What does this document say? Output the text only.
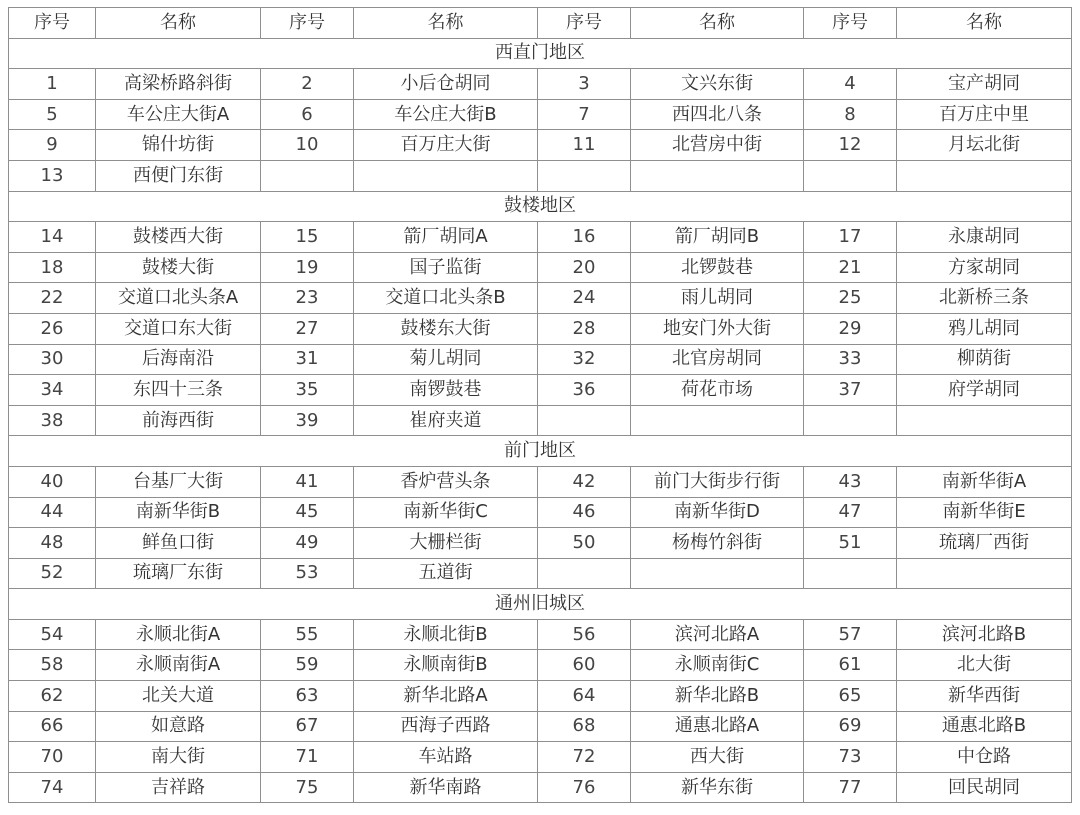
序号	名称	序号	名称	序号	名称	序号	名称
西直门地区							
1	高梁桥路斜街	2	小后仓胡同	3	文兴东街	4	宝产胡同
5	车公庄大街A	6	车公庄大街B	7	西四北八条	8	百万庄中里
9	锦什坊街	10	百万庄大街	11	北营房中街	12	月坛北街
13	西便门东街						
鼓楼地区							
14	鼓楼西大街	15	箭厂胡同A	16	箭厂胡同B	17	永康胡同
18	鼓楼大街	19	国子监街	20	北锣鼓巷	21	方家胡同
22	交道口北头条A	23	交道口北头条B	24	雨儿胡同	25	北新桥三条
26	交道口东大街	27	鼓楼东大街	28	地安门外大街	29	鸦儿胡同
30	后海南沿	31	菊儿胡同	32	北官房胡同	33	柳荫街
34	东四十三条	35	南锣鼓巷	36	荷花市场	37	府学胡同
38	前海西街	39	崔府夹道				
前门地区							
40	台基厂大街	41	香炉营头条	42	前门大街步行街	43	南新华街A
44	南新华街B	45	南新华街C	46	南新华街D	47	南新华街E
48	鲜鱼口街	49	大栅栏街	50	杨梅竹斜街	51	琉璃厂西街
52	琉璃厂东街	53	五道街				
通州旧城区							
54	永顺北街A	55	永顺北街B	56	滨河北路A	57	滨河北路B
58	永顺南街A	59	永顺南街B	60	永顺南街C	61	北大街
62	北关大道	63	新华北路A	64	新华北路B	65	新华西街
66	如意路	67	西海子西路	68	通惠北路A	69	通惠北路B
70	南大街	71	车站路	72	西大街	73	中仓路
74	吉祥路	75	新华南路	76	新华东街	77	回民胡同
